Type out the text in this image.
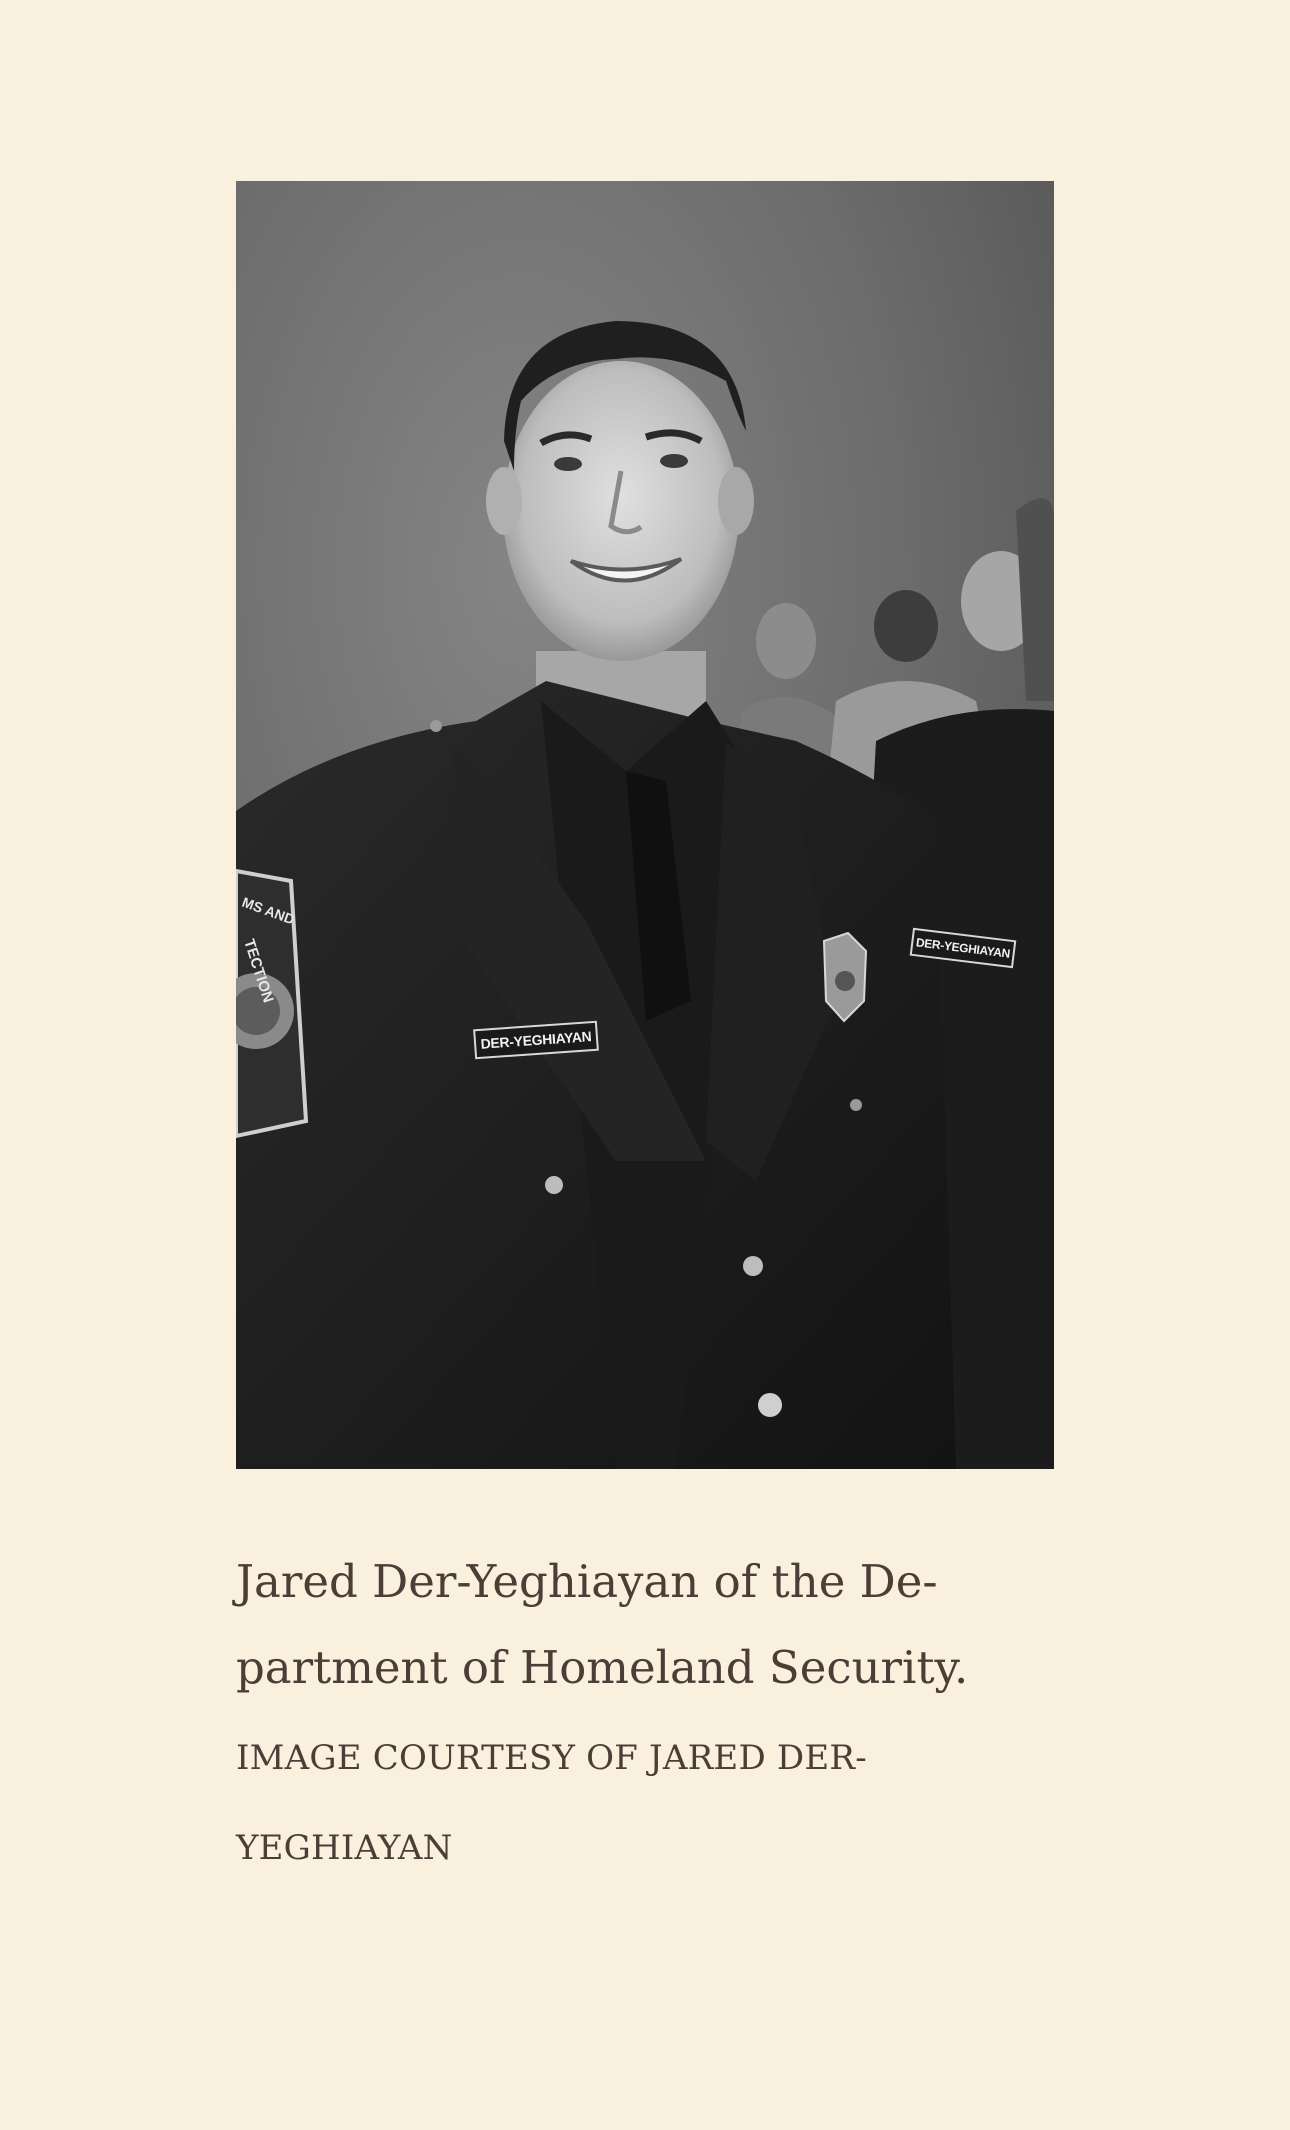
MS AND
TECTION
DER-YEGHIAYAN
DER-YEGHIAYAN

Jared Der-Yeghiayan of the De-
partment of Homeland Security.

IMAGE COURTESY OF JARED DER-
YEGHIAYAN
